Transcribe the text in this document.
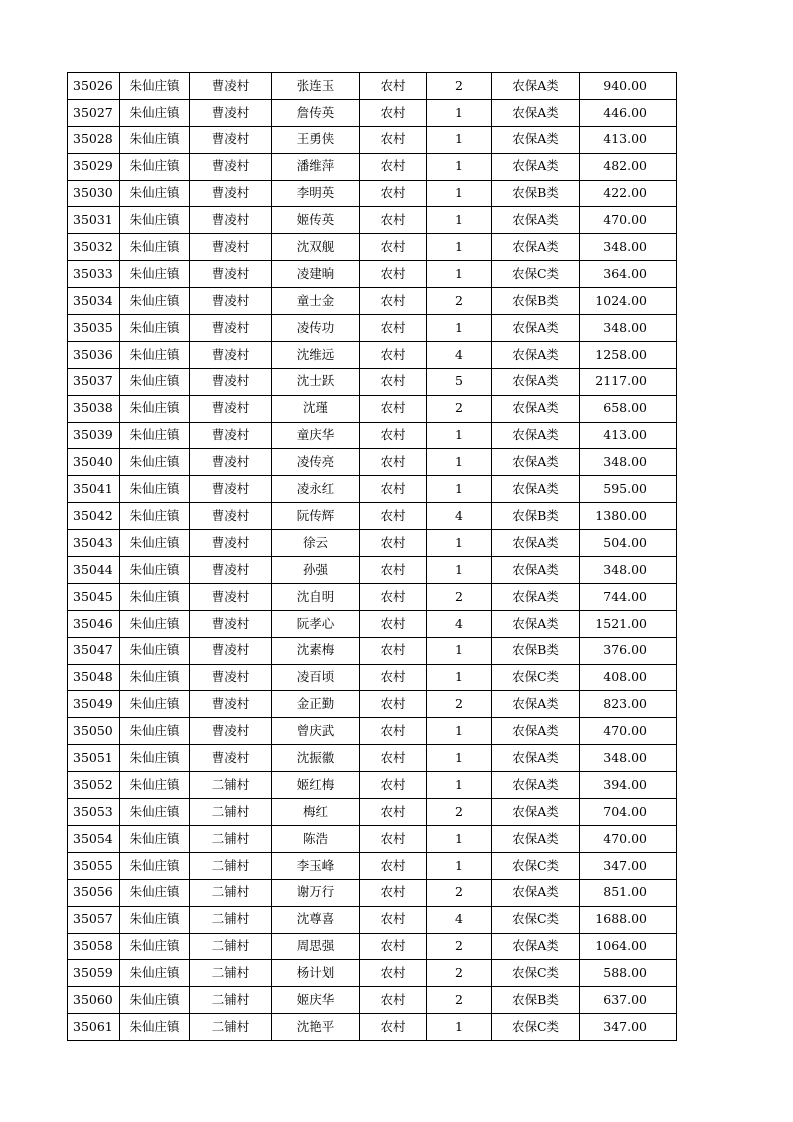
35026	朱仙庄镇	曹凌村	张连玉	农村	2	农保A类	940.00
35027	朱仙庄镇	曹凌村	詹传英	农村	1	农保A类	446.00
35028	朱仙庄镇	曹凌村	王勇侠	农村	1	农保A类	413.00
35029	朱仙庄镇	曹凌村	潘维萍	农村	1	农保A类	482.00
35030	朱仙庄镇	曹凌村	李明英	农村	1	农保B类	422.00
35031	朱仙庄镇	曹凌村	姬传英	农村	1	农保A类	470.00
35032	朱仙庄镇	曹凌村	沈双舰	农村	1	农保A类	348.00
35033	朱仙庄镇	曹凌村	凌建晌	农村	1	农保C类	364.00
35034	朱仙庄镇	曹凌村	童士金	农村	2	农保B类	1024.00
35035	朱仙庄镇	曹凌村	凌传功	农村	1	农保A类	348.00
35036	朱仙庄镇	曹凌村	沈维远	农村	4	农保A类	1258.00
35037	朱仙庄镇	曹凌村	沈士跃	农村	5	农保A类	2117.00
35038	朱仙庄镇	曹凌村	沈瑾	农村	2	农保A类	658.00
35039	朱仙庄镇	曹凌村	童庆华	农村	1	农保A类	413.00
35040	朱仙庄镇	曹凌村	凌传亮	农村	1	农保A类	348.00
35041	朱仙庄镇	曹凌村	凌永红	农村	1	农保A类	595.00
35042	朱仙庄镇	曹凌村	阮传辉	农村	4	农保B类	1380.00
35043	朱仙庄镇	曹凌村	徐云	农村	1	农保A类	504.00
35044	朱仙庄镇	曹凌村	孙强	农村	1	农保A类	348.00
35045	朱仙庄镇	曹凌村	沈自明	农村	2	农保A类	744.00
35046	朱仙庄镇	曹凌村	阮孝心	农村	4	农保A类	1521.00
35047	朱仙庄镇	曹凌村	沈素梅	农村	1	农保B类	376.00
35048	朱仙庄镇	曹凌村	凌百顷	农村	1	农保C类	408.00
35049	朱仙庄镇	曹凌村	金正勤	农村	2	农保A类	823.00
35050	朱仙庄镇	曹凌村	曾庆武	农村	1	农保A类	470.00
35051	朱仙庄镇	曹凌村	沈振徽	农村	1	农保A类	348.00
35052	朱仙庄镇	二铺村	姬红梅	农村	1	农保A类	394.00
35053	朱仙庄镇	二铺村	梅红	农村	2	农保A类	704.00
35054	朱仙庄镇	二铺村	陈浩	农村	1	农保A类	470.00
35055	朱仙庄镇	二铺村	李玉峰	农村	1	农保C类	347.00
35056	朱仙庄镇	二铺村	谢万行	农村	2	农保A类	851.00
35057	朱仙庄镇	二铺村	沈尊喜	农村	4	农保C类	1688.00
35058	朱仙庄镇	二铺村	周思强	农村	2	农保A类	1064.00
35059	朱仙庄镇	二铺村	杨计划	农村	2	农保C类	588.00
35060	朱仙庄镇	二铺村	姬庆华	农村	2	农保B类	637.00
35061	朱仙庄镇	二铺村	沈艳平	农村	1	农保C类	347.00
